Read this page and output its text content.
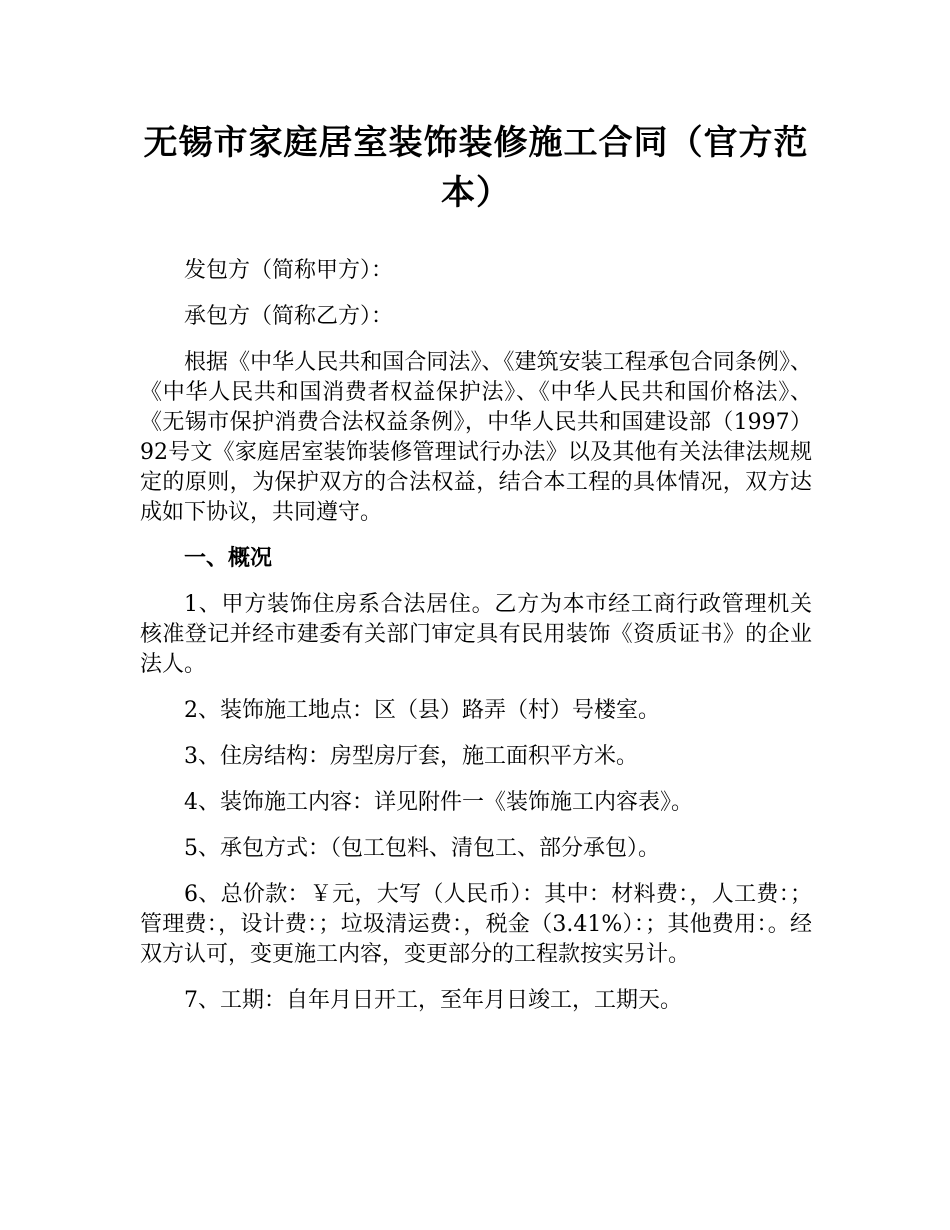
无锡市家庭居室装饰装修施工合同（官方范本）

发包方（简称甲方）：

承包方（简称乙方）：

根据《中华人民共和国合同法》、《建筑安装工程承包合同条例》、《中华人民共和国消费者权益保护法》、《中华人民共和国价格法》、《无锡市保护消费合法权益条例》，中华人民共和国建设部（1997）92号文《家庭居室装饰装修管理试行办法》以及其他有关法律法规规定的原则，为保护双方的合法权益，结合本工程的具体情况，双方达成如下协议，共同遵守。

一、概况

1、甲方装饰住房系合法居住。乙方为本市经工商行政管理机关核准登记并经市建委有关部门审定具有民用装饰《资质证书》的企业法人。

2、装饰施工地点：区（县）路弄（村）号楼室。

3、住房结构：房型房厅套，施工面积平方米。

4、装饰施工内容：详见附件一《装饰施工内容表》。

5、承包方式：（包工包料、清包工、部分承包）。

6、总价款：￥元，大写（人民币）：其中：材料费：，人工费：；管理费：，设计费：；垃圾清运费：，税金（3.41%）：；其他费用：。经双方认可，变更施工内容，变更部分的工程款按实另计。

7、工期：自年月日开工，至年月日竣工，工期天。
